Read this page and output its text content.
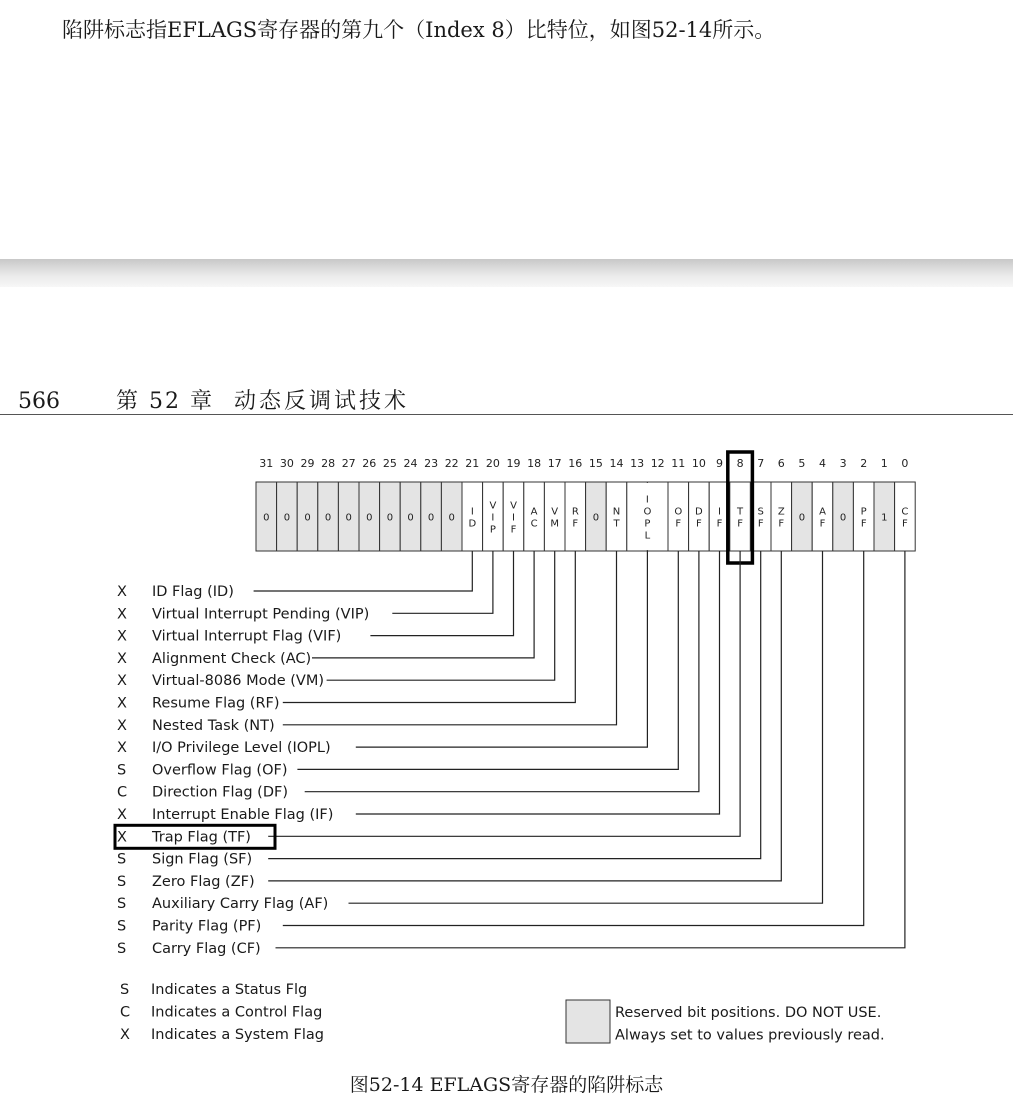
陷阱标志指EFLAGS寄存器的第九个（Index 8）比特位，如图52-14所示。

566	第 52 章 动态反调试技术
31 30 29 28 27 26 25 24 23 22 21 20 19 18 17 16 15 14 13 12 11 10 9 8 7 6 5 4 3 2 1 0
0 0 0 0 0 0 0 0 0 0
I
D
V
I
P
V
I
F
A
C
V
M
R
F
0
N
T
I
O
P
L
O
F
D
F
I
F
T
F
S
F
Z
F
0
A
F
0
P
F
1
C
F
X ID Flag (ID)
X Virtual Interrupt Pending (VIP)
X Virtual Interrupt Flag (VIF)
X Alignment Check (AC)
X Virtual-8086 Mode (VM)
X Resume Flag (RF)
X Nested Task (NT)
X I/O Privilege Level (IOPL)
S Overflow Flag (OF)
C Direction Flag (DF)
X Interrupt Enable Flag (IF)
X Trap Flag (TF)
S Sign Flag (SF)
S Zero Flag (ZF)
S Auxiliary Carry Flag (AF)
S Parity Flag (PF)
S Carry Flag (CF)
S Indicates a Status Flg
C Indicates a Control Flag
X Indicates a System Flag
Reserved bit positions. DO NOT USE.
Always set to values previously read.
图52-14 EFLAGS寄存器的陷阱标志
